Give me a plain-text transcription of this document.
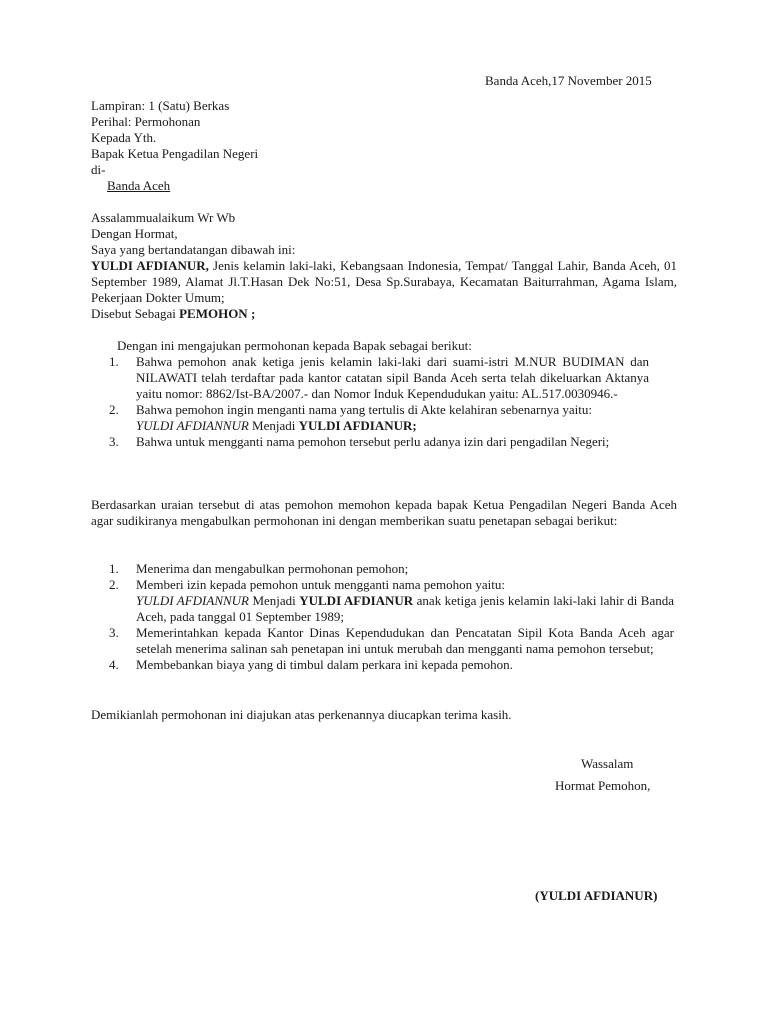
Banda Aceh,17 November 2015
Lampiran: 1 (Satu) Berkas
Perihal: Permohonan
Kepada Yth.
Bapak Ketua Pengadilan Negeri
di-
Banda Aceh
Assalammualaikum Wr Wb
Dengan Hormat,
Saya yang bertandatangan dibawah ini:
YULDI AFDIANUR, Jenis kelamin laki-laki, Kebangsaan Indonesia, Tempat/ Tanggal Lahir, Banda Aceh, 01 September 1989, Alamat Jl.T.Hasan Dek No:51, Desa Sp.Surabaya, Kecamatan Baiturrahman, Agama Islam, Pekerjaan Dokter Umum;
Disebut Sebagai PEMOHON ;
Dengan ini mengajukan permohonan kepada Bapak sebagai berikut:
1. Bahwa pemohon anak ketiga jenis kelamin laki-laki dari suami-istri M.NUR BUDIMAN dan NILAWATI telah terdaftar pada kantor catatan sipil Banda Aceh serta telah dikeluarkan Aktanya yaitu nomor: 8862/Ist-BA/2007.- dan Nomor Induk Kependudukan yaitu: AL.517.0030946.-
2. Bahwa pemohon ingin menganti nama yang tertulis di Akte kelahiran sebenarnya yaitu:
YULDI AFDIANNUR Menjadi YULDI AFDIANUR;
3. Bahwa untuk mengganti nama pemohon tersebut perlu adanya izin dari pengadilan Negeri;
Berdasarkan uraian tersebut di atas pemohon memohon kepada bapak Ketua Pengadilan Negeri Banda Aceh agar sudikiranya mengabulkan permohonan ini dengan memberikan suatu penetapan sebagai berikut:
1. Menerima dan mengabulkan permohonan pemohon;
2. Memberi izin kepada pemohon untuk mengganti nama pemohon yaitu:
YULDI AFDIANNUR Menjadi YULDI AFDIANUR anak ketiga jenis kelamin laki-laki lahir di Banda Aceh, pada tanggal 01 September 1989;
3. Memerintahkan kepada Kantor Dinas Kependudukan dan Pencatatan Sipil Kota Banda Aceh agar setelah menerima salinan sah penetapan ini untuk merubah dan mengganti nama pemohon tersebut;
4. Membebankan biaya yang di timbul dalam perkara ini kepada pemohon.
Demikianlah permohonan ini diajukan atas perkenannya diucapkan terima kasih.
Wassalam
Hormat Pemohon,
(YULDI AFDIANUR)
